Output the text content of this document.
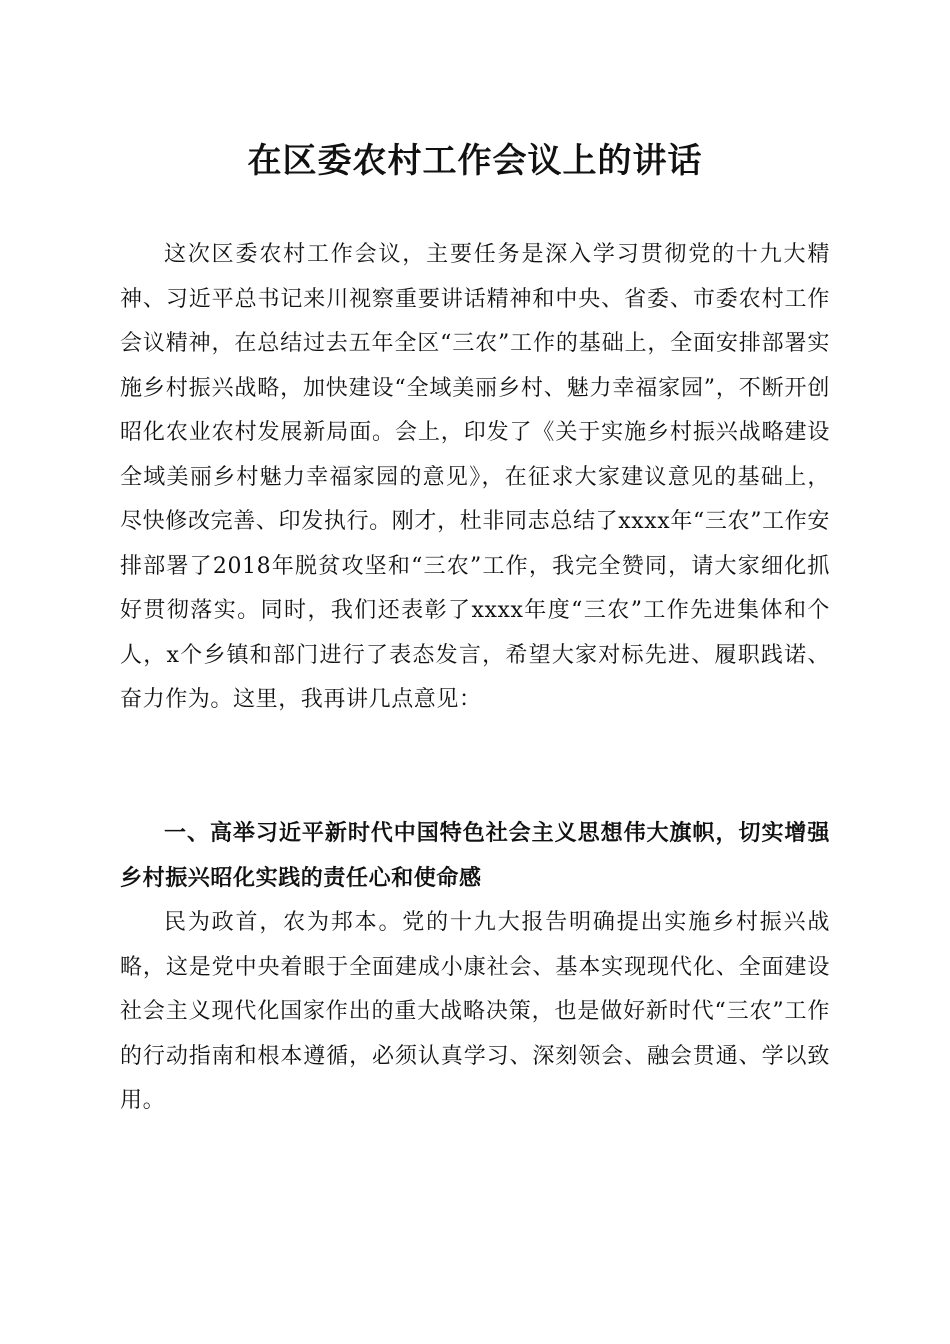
在区委农村工作会议上的讲话

这次区委农村工作会议，主要任务是深入学习贯彻党的十九大精神、习近平总书记来川视察重要讲话精神和中央、省委、市委农村工作会议精神，在总结过去五年全区“三农”工作的基础上，全面安排部署实施乡村振兴战略，加快建设“全域美丽乡村、魅力幸福家园”，不断开创昭化农业农村发展新局面。会上，印发了《关于实施乡村振兴战略建设全域美丽乡村魅力幸福家园的意见》，在征求大家建议意见的基础上，尽快修改完善、印发执行。刚才，杜非同志总结了xxxx年“三农”工作安排部署了2018年脱贫攻坚和“三农”工作，我完全赞同，请大家细化抓好贯彻落实。同时，我们还表彰了xxxx年度“三农”工作先进集体和个人，x个乡镇和部门进行了表态发言，希望大家对标先进、履职践诺、奋力作为。这里，我再讲几点意见：

一、高举习近平新时代中国特色社会主义思想伟大旗帜，切实增强乡村振兴昭化实践的责任心和使命感

民为政首，农为邦本。党的十九大报告明确提出实施乡村振兴战略，这是党中央着眼于全面建成小康社会、基本实现现代化、全面建设社会主义现代化国家作出的重大战略决策，也是做好新时代“三农”工作的行动指南和根本遵循，必须认真学习、深刻领会、融会贯通、学以致用。
